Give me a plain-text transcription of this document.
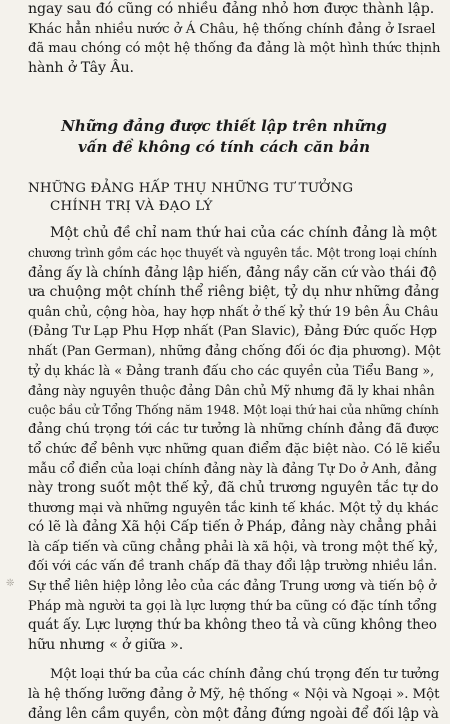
ngay sau đó cũng có nhiều đảng nhỏ hơn được thành lập.
Khác hẳn nhiều nước ở Á Châu, hệ thống chính đảng ở Israel
đã mau chóng có một hệ thống đa đảng là một hình thức thịnh
hành ở Tây Âu.
Những đảng được thiết lập trên những
vấn đề không có tính cách căn bản
NHỮNG ĐẢNG HẤP THỤ NHỮNG TƯ TƯỞNG
CHÍNH TRỊ VÀ ĐẠO LÝ
Một chủ đề chỉ nam thứ hai của các chính đảng là một
chương trình gồm các học thuyết và nguyên tắc. Một trong loại chính
đảng ấy là chính đảng lập hiến, đảng nầy căn cứ vào thái độ
ưa chuộng một chính thể riêng biệt, tỷ dụ như những đảng
quân chủ, cộng hòa, hay hợp nhất ở thế kỷ thứ 19 bên Âu Châu
(Đảng Tư Lạp Phu Hợp nhất (Pan Slavic), Đảng Đức quốc Hợp
nhất (Pan German), những đảng chống đối óc địa phương). Một
tỷ dụ khác là « Đảng tranh đấu cho các quyền của Tiểu Bang »,
đảng này nguyên thuộc đảng Dân chủ Mỹ nhưng đã ly khai nhân
cuộc bầu cử Tổng Thống năm 1948. Một loại thứ hai của những chính
đảng chú trọng tới các tư tưởng là những chính đảng đã được
tổ chức để bênh vực những quan điểm đặc biệt nào. Có lẽ kiểu
mẫu cổ điển của loại chính đảng này là đảng Tự Do ở Anh, đảng
này trong suốt một thế kỷ, đã chủ trương nguyên tắc tự do
thương mại và những nguyên tắc kinh tế khác. Một tỷ dụ khác
có lẽ là đảng Xã hội Cấp tiến ở Pháp, đảng này chẳng phải
là cấp tiến và cũng chẳng phải là xã hội, và trong một thế kỷ,
đối với các vấn đề tranh chấp đã thay đổi lập trường nhiều lần.
Sự thể liên hiệp lỏng lẻo của các đảng Trung ương và tiến bộ ở
Pháp mà người ta gọi là lực lượng thứ ba cũng có đặc tính tổng
quát ấy. Lực lượng thứ ba không theo tả và cũng không theo
hữu nhưng « ở giữa ».
Một loại thứ ba của các chính đảng chú trọng đến tư tưởng
là hệ thống lưỡng đảng ở Mỹ, hệ thống « Nội và Ngoại ». Một
đảng lên cầm quyền, còn một đảng đứng ngoài để đối lập và
❊
